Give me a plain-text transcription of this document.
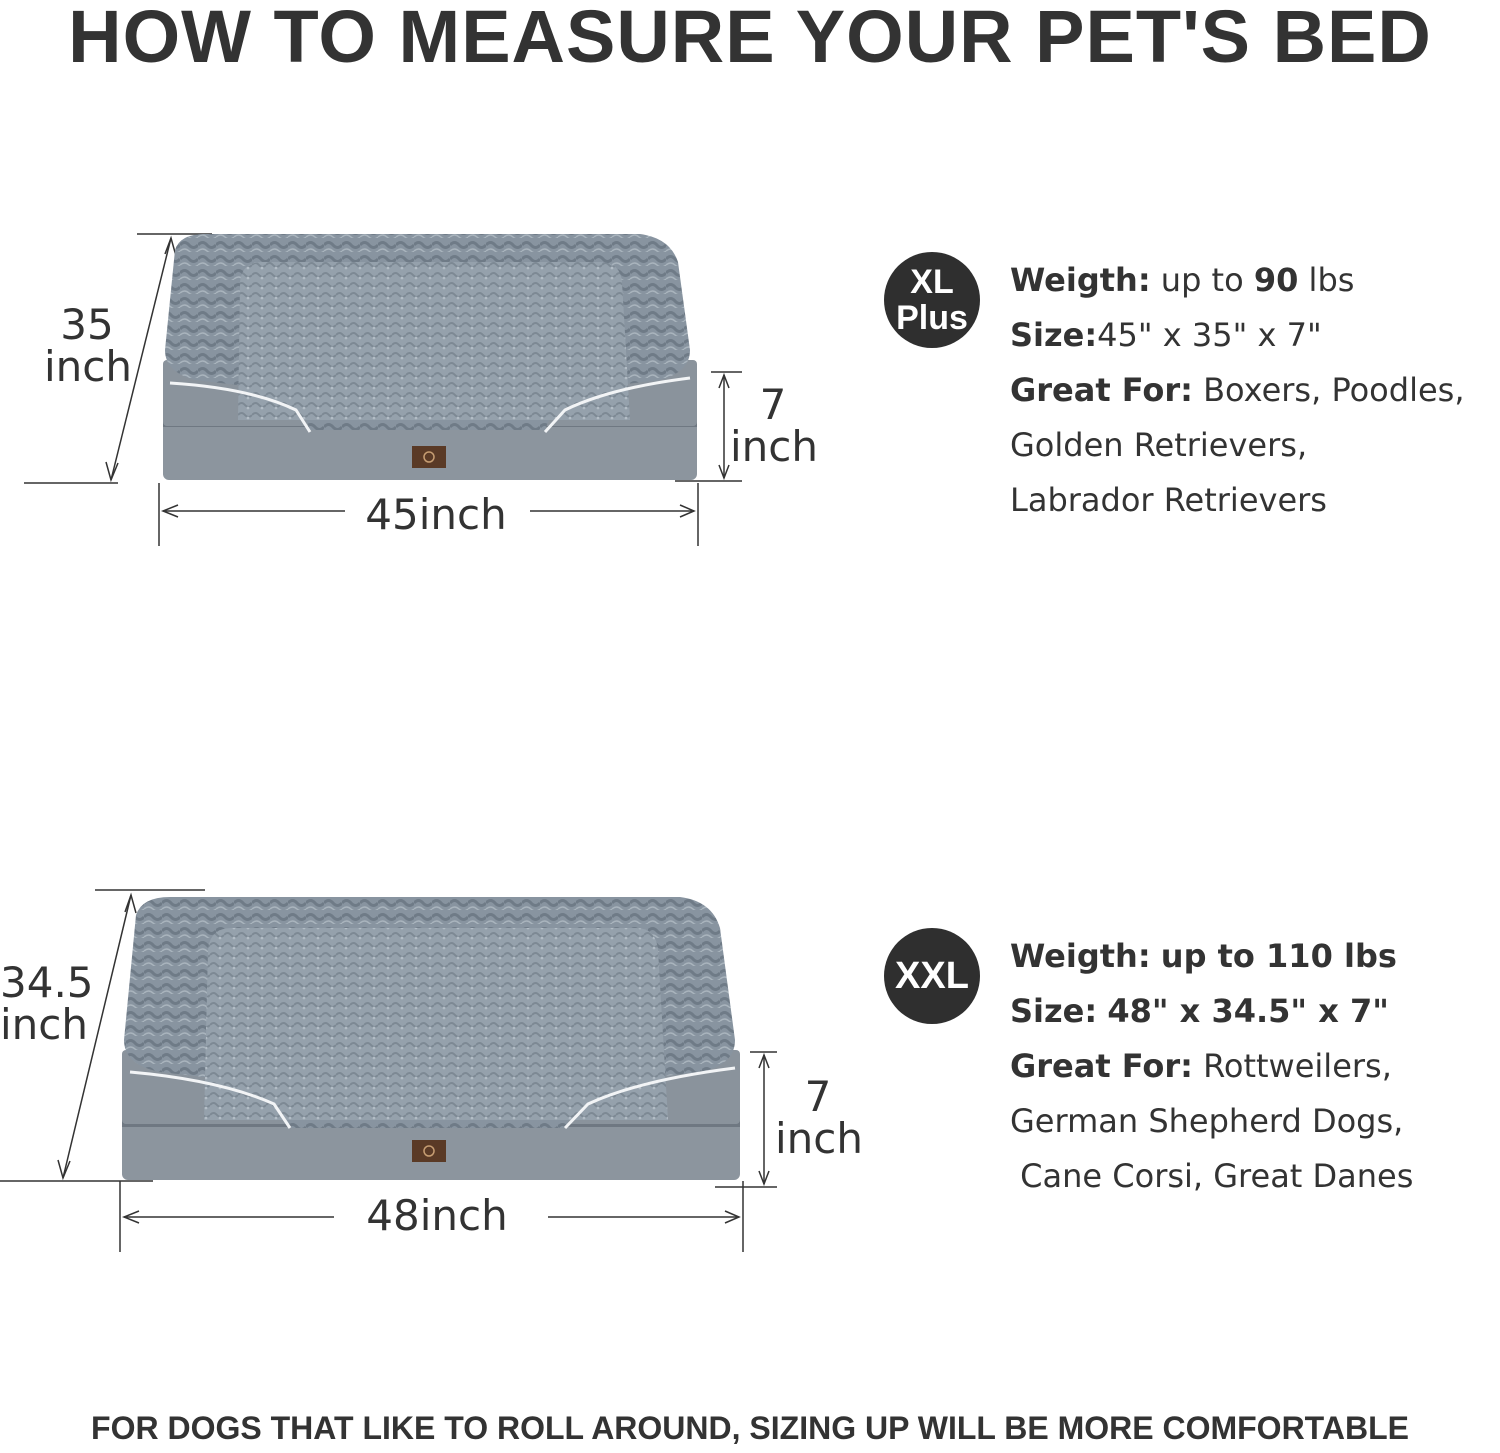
HOW TO MEASURE YOUR PET'S BED
35
inch
7
inch
45inch
XL
Plus
Weigth: up to 90 lbs
Size:45" x 35" x 7"
Great For: Boxers, Poodles,
Golden Retrievers,
Labrador Retrievers
34.5
inch
7
inch
48inch
XXL Weigth: up to 110 lbs
Size: 48" x 34.5" x 7"
Great For: Rottweilers,
German Shepherd Dogs,
Cane Corsi, Great Danes
FOR DOGS THAT LIKE TO ROLL AROUND, SIZING UP WILL BE MORE COMFORTABLE
